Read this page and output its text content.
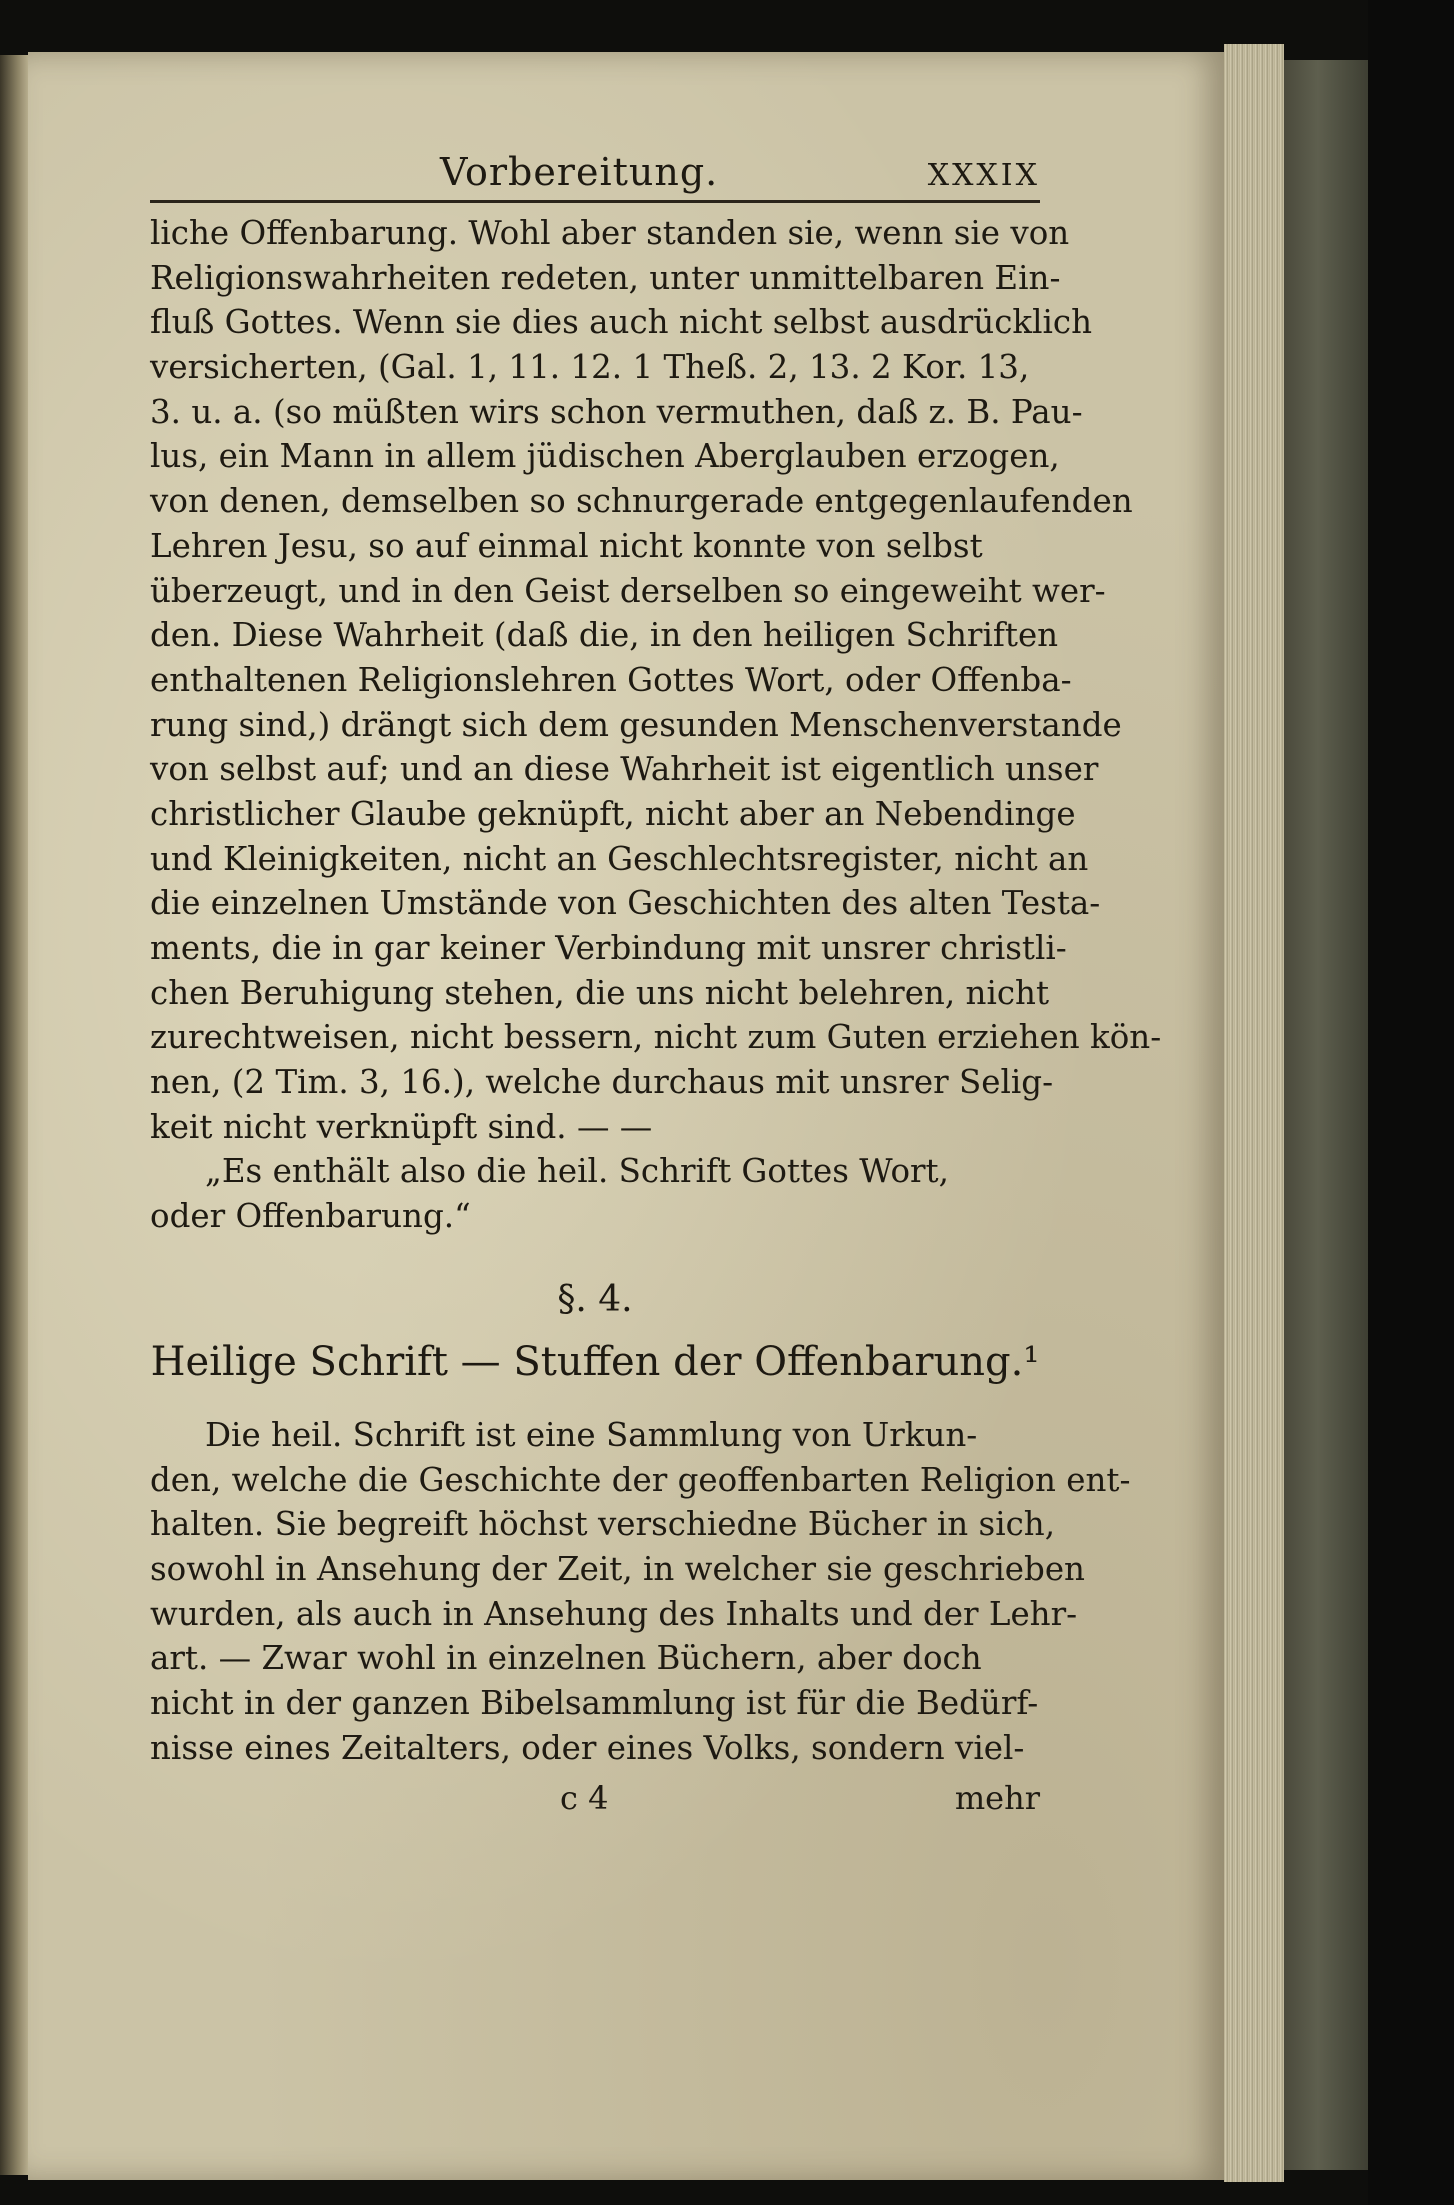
Vorbereitung.	XXXIX
liche Offenbarung. Wohl aber standen sie, wenn sie von
Religionswahrheiten redeten, unter unmittelbaren Ein-
fluß Gottes. Wenn sie dies auch nicht selbst ausdrücklich
versicherten, (Gal. 1, 11. 12. 1 Theß. 2, 13. 2 Kor. 13,
3. u. a. (so müßten wirs schon vermuthen, daß z. B. Pau-
lus, ein Mann in allem jüdischen Aberglauben erzogen,
von denen, demselben so schnurgerade entgegenlaufenden
Lehren Jesu, so auf einmal nicht konnte von selbst
überzeugt, und in den Geist derselben so eingeweiht wer-
den. Diese Wahrheit (daß die, in den heiligen Schriften
enthaltenen Religionslehren Gottes Wort, oder Offenba-
rung sind,) drängt sich dem gesunden Menschenverstande
von selbst auf; und an diese Wahrheit ist eigentlich unser
christlicher Glaube geknüpft, nicht aber an Nebendinge
und Kleinigkeiten, nicht an Geschlechtsregister, nicht an
die einzelnen Umstände von Geschichten des alten Testa-
ments, die in gar keiner Verbindung mit unsrer christli-
chen Beruhigung stehen, die uns nicht belehren, nicht
zurechtweisen, nicht bessern, nicht zum Guten erziehen kön-
nen, (2 Tim. 3, 16.), welche durchaus mit unsrer Selig-
keit nicht verknüpft sind. — —
„Es enthält also die heil. Schrift Gottes Wort,
oder Offenbarung.“
§. 4.
Heilige Schrift — Stuffen der Offenbarung.¹
Die heil. Schrift ist eine Sammlung von Urkun-
den, welche die Geschichte der geoffenbarten Religion ent-
halten. Sie begreift höchst verschiedne Bücher in sich,
sowohl in Ansehung der Zeit, in welcher sie geschrieben
wurden, als auch in Ansehung des Inhalts und der Lehr-
art. — Zwar wohl in einzelnen Büchern, aber doch
nicht in der ganzen Bibelsammlung ist für die Bedürf-
nisse eines Zeitalters, oder eines Volks, sondern viel-
c 4	mehr
